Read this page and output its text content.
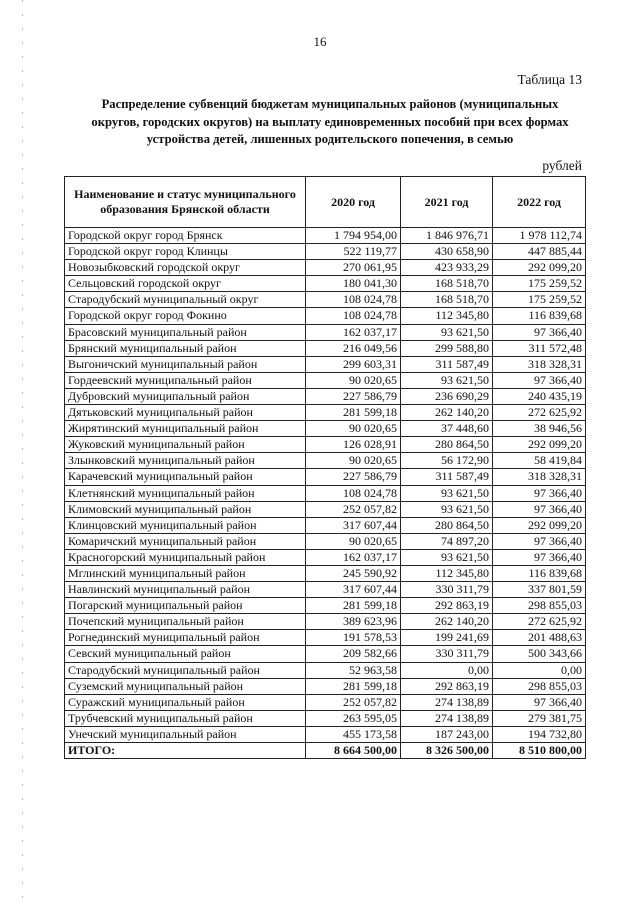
16
Таблица 13
Распределение субвенций бюджетам муниципальных районов (муниципальных
округов, городских округов) на выплату единовременных пособий при всех формах
устройства детей, лишенных родительского попечения, в семью
рублей
Наименование и статус муниципального образования Брянской области	2020 год	2021 год	2022 год
Городской округ город Брянск	1 794 954,00	1 846 976,71	1 978 112,74
Городской округ город Клинцы	522 119,77	430 658,90	447 885,44
Новозыбковский городской округ	270 061,95	423 933,29	292 099,20
Сельцовский городской округ	180 041,30	168 518,70	175 259,52
Стародубский муниципальный округ	108 024,78	168 518,70	175 259,52
Городской округ город Фокино	108 024,78	112 345,80	116 839,68
Брасовский муниципальный район	162 037,17	93 621,50	97 366,40
Брянский муниципальный район	216 049,56	299 588,80	311 572,48
Выгоничский муниципальный район	299 603,31	311 587,49	318 328,31
Гордеевский муниципальный район	90 020,65	93 621,50	97 366,40
Дубровский муниципальный район	227 586,79	236 690,29	240 435,19
Дятьковский муниципальный район	281 599,18	262 140,20	272 625,92
Жирятинский муниципальный район	90 020,65	37 448,60	38 946,56
Жуковский муниципальный район	126 028,91	280 864,50	292 099,20
Злынковский муниципальный район	90 020,65	56 172,90	58 419,84
Карачевский муниципальный район	227 586,79	311 587,49	318 328,31
Клетнянский муниципальный район	108 024,78	93 621,50	97 366,40
Климовский муниципальный район	252 057,82	93 621,50	97 366,40
Клинцовский муниципальный район	317 607,44	280 864,50	292 099,20
Комаричский муниципальный район	90 020,65	74 897,20	97 366,40
Красногорский муниципальный район	162 037,17	93 621,50	97 366,40
Мглинский муниципальный район	245 590,92	112 345,80	116 839,68
Навлинский муниципальный район	317 607,44	330 311,79	337 801,59
Погарский муниципальный район	281 599,18	292 863,19	298 855,03
Почепский муниципальный район	389 623,96	262 140,20	272 625,92
Рогнединский муниципальный район	191 578,53	199 241,69	201 488,63
Севский муниципальный район	209 582,66	330 311,79	500 343,66
Стародубский муниципальный район	52 963,58	0,00	0,00
Суземский муниципальный район	281 599,18	292 863,19	298 855,03
Суражский муниципальный район	252 057,82	274 138,89	97 366,40
Трубчевский муниципальный район	263 595,05	274 138,89	279 381,75
Унечский муниципальный район	455 173,58	187 243,00	194 732,80
ИТОГО:	8 664 500,00	8 326 500,00	8 510 800,00
